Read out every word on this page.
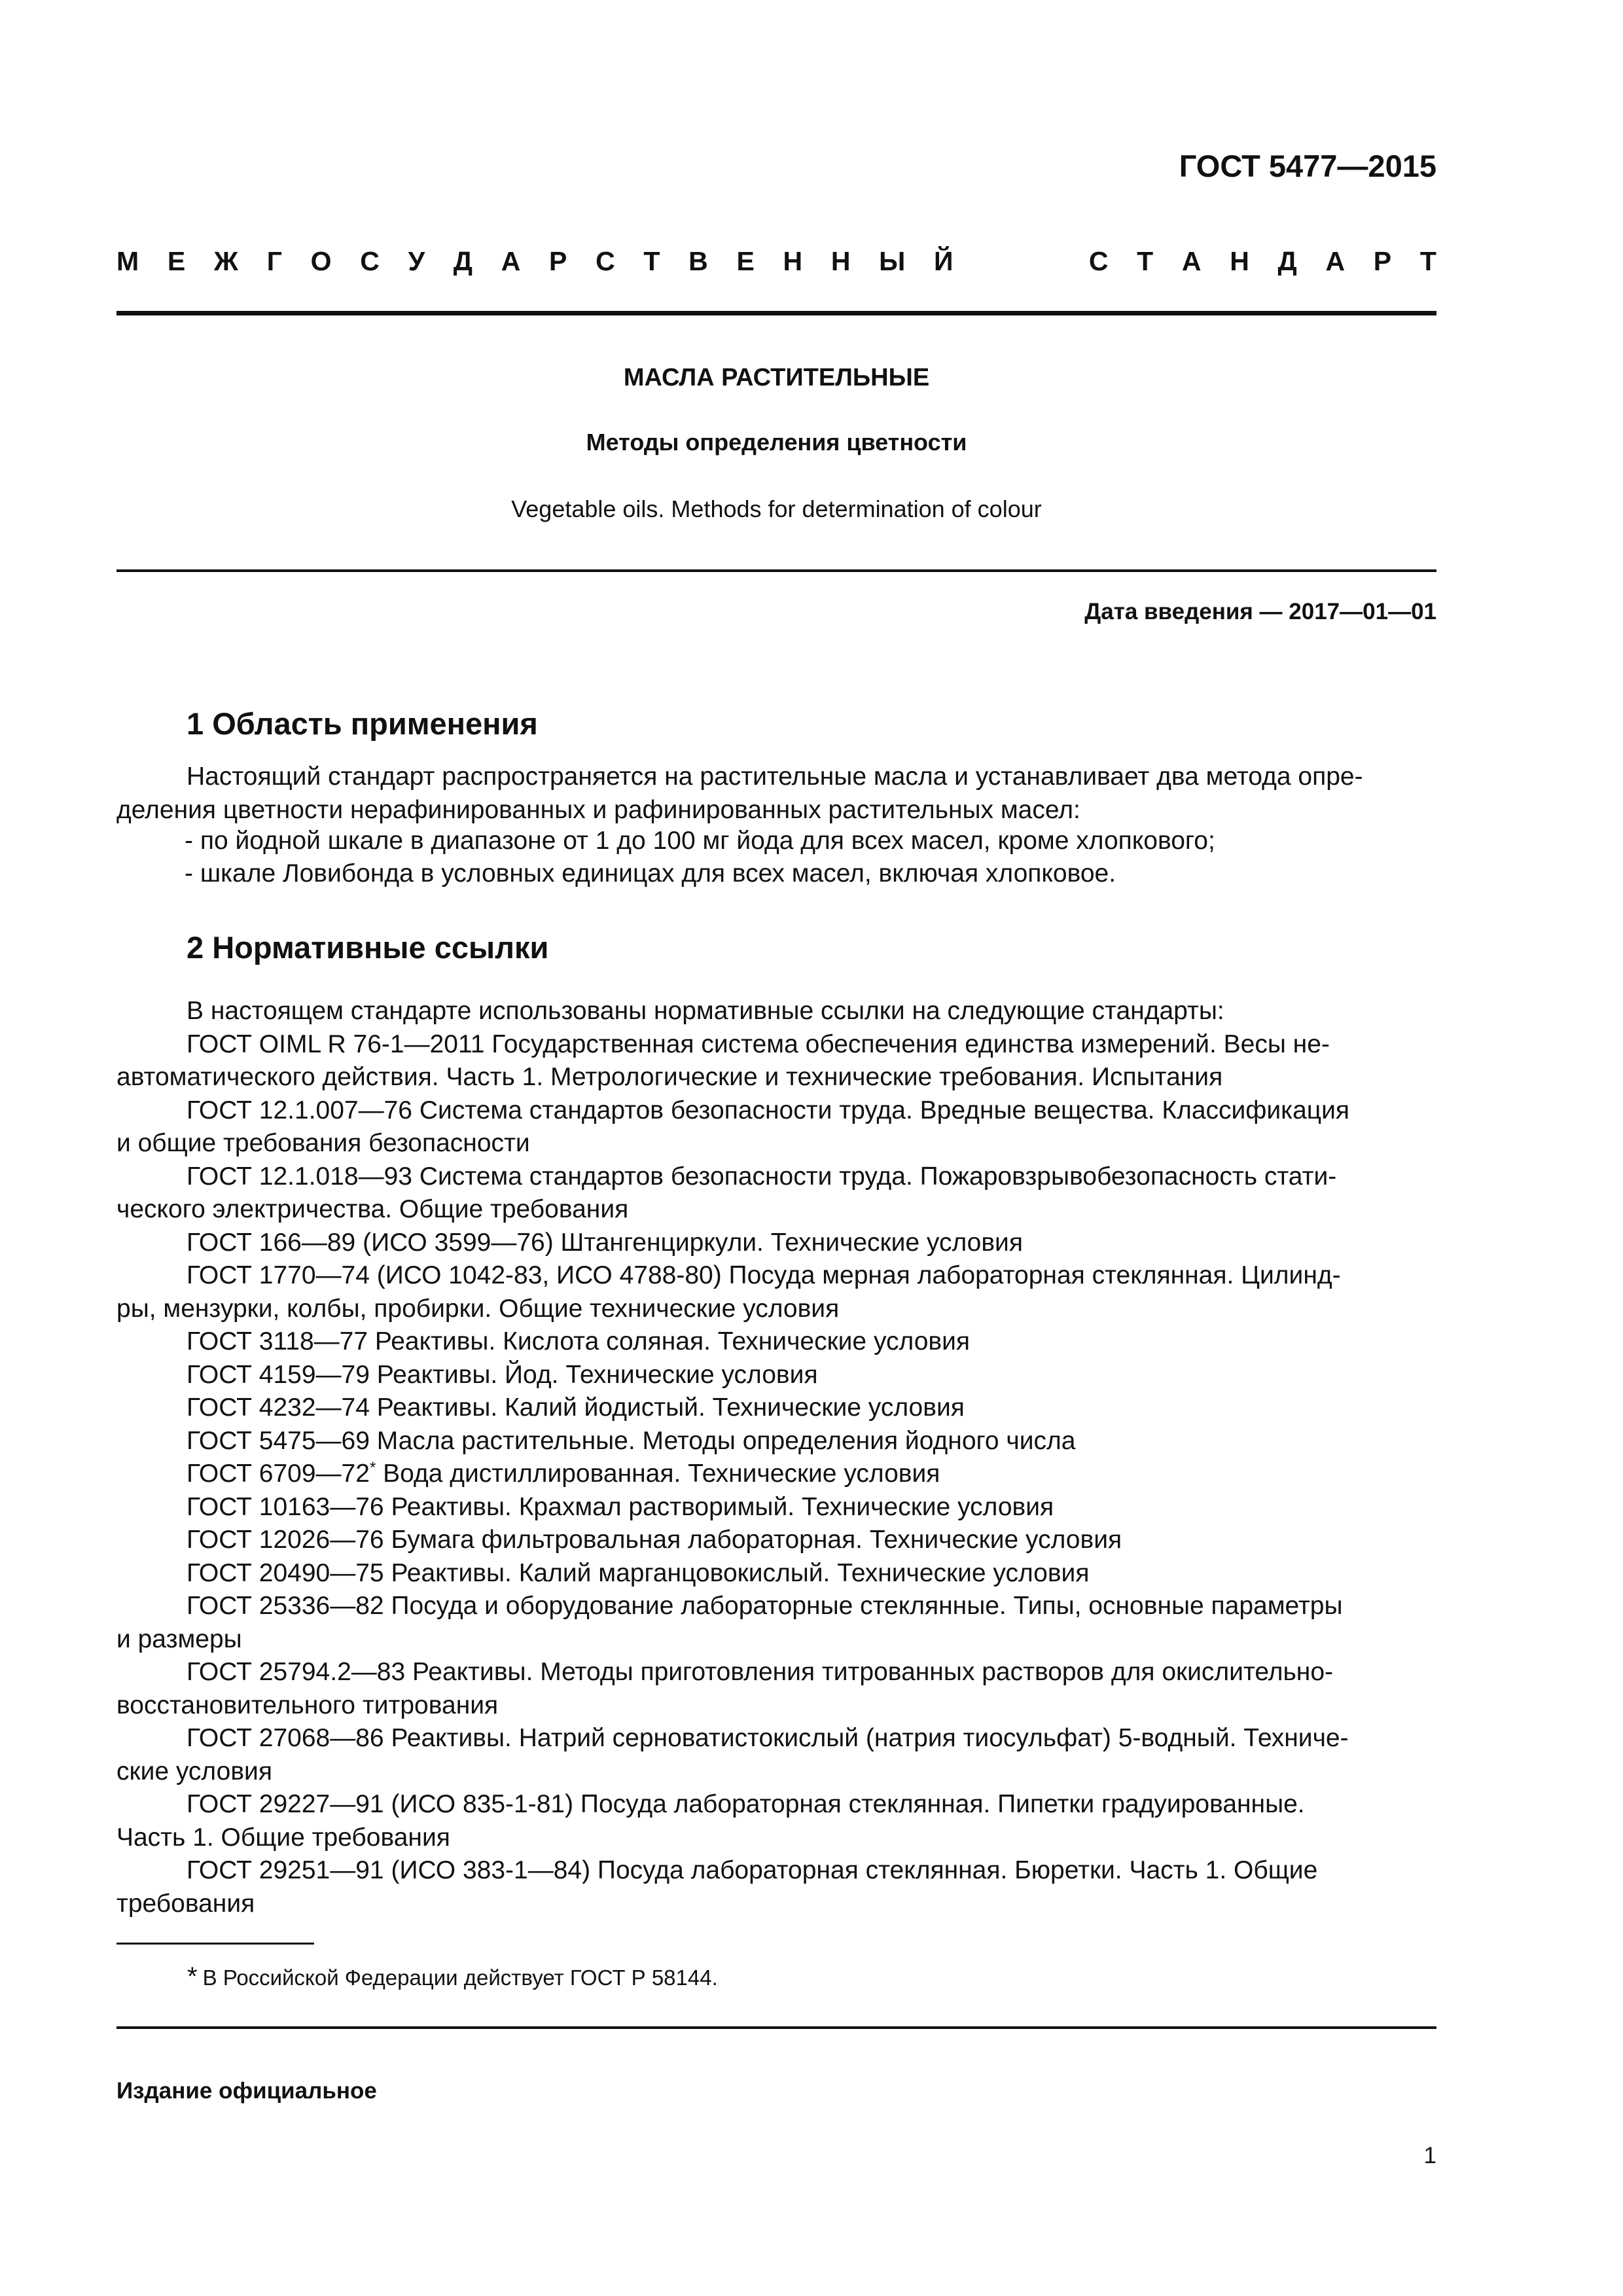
ГОСТ 5477—2015
М Е Ж Г О С У Д А Р С Т В Е Н Н Ы Й	С Т А Н Д А Р Т
МАСЛА РАСТИТЕЛЬНЫЕ
Методы определения цветности
Vegetable oils. Methods for determination of colour
Дата введения — 2017—01—01
1 Область применения
Настоящий стандарт распространяется на растительные масла и устанавливает два метода опре-
деления цветности нерафинированных и рафинированных растительных масел:
- по йодной шкале в диапазоне от 1 до 100 мг йода для всех масел, кроме хлопкового;
- шкале Ловибонда в условных единицах для всех масел, включая хлопковое.
2 Нормативные ссылки
В настоящем стандарте использованы нормативные ссылки на следующие стандарты:
ГОСТ OIML R 76-1—2011 Государственная система обеспечения единства измерений. Весы не-
автоматического действия. Часть 1. Метрологические и технические требования. Испытания
ГОСТ 12.1.007—76 Система стандартов безопасности труда. Вредные вещества. Классификация
и общие требования безопасности
ГОСТ 12.1.018—93 Система стандартов безопасности труда. Пожаровзрывобезопасность стати-
ческого электричества. Общие требования
ГОСТ 166—89 (ИСО 3599—76) Штангенциркули. Технические условия
ГОСТ 1770—74 (ИСО 1042-83, ИСО 4788-80) Посуда мерная лабораторная стеклянная. Цилинд-
ры, мензурки, колбы, пробирки. Общие технические условия
ГОСТ 3118—77 Реактивы. Кислота соляная. Технические условия
ГОСТ 4159—79 Реактивы. Йод. Технические условия
ГОСТ 4232—74 Реактивы. Калий йодистый. Технические условия
ГОСТ 5475—69 Масла растительные. Методы определения йодного числа
ГОСТ 6709—72* Вода дистиллированная. Технические условия
ГОСТ 10163—76 Реактивы. Крахмал растворимый. Технические условия
ГОСТ 12026—76 Бумага фильтровальная лабораторная. Технические условия
ГОСТ 20490—75 Реактивы. Калий марганцовокислый. Технические условия
ГОСТ 25336—82 Посуда и оборудование лабораторные стеклянные. Типы, основные параметры
и размеры
ГОСТ 25794.2—83 Реактивы. Методы приготовления титрованных растворов для окислительно-
восстановительного титрования
ГОСТ 27068—86 Реактивы. Натрий серноватистокислый (натрия тиосульфат) 5-водный. Техниче-
ские условия
ГОСТ 29227—91 (ИСО 835-1-81) Посуда лабораторная стеклянная. Пипетки градуированные.
Часть 1. Общие требования
ГОСТ 29251—91 (ИСО 383-1—84) Посуда лабораторная стеклянная. Бюретки. Часть 1. Общие
требования
* В Российской Федерации действует ГОСТ Р 58144.
Издание официальное
1
